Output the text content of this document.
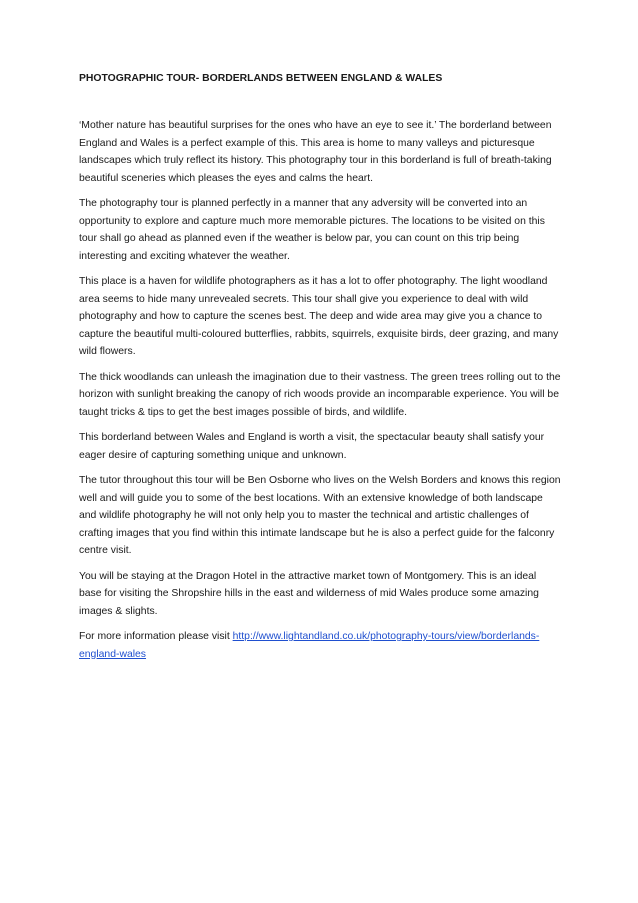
PHOTOGRAPHIC TOUR- BORDERLANDS BETWEEN ENGLAND & WALES

‘Mother nature has beautiful surprises for the ones who have an eye to see it.’ The borderland between England and Wales is a perfect example of this. This area is home to many valleys and picturesque landscapes which truly reflect its history. This photography tour in this borderland is full of breath-taking beautiful sceneries which pleases the eyes and calms the heart.

The photography tour is planned perfectly in a manner that any adversity will be converted into an opportunity to explore and capture much more memorable pictures. The locations to be visited on this tour shall go ahead as planned even if the weather is below par, you can count on this trip being interesting and exciting whatever the weather.

This place is a haven for wildlife photographers as it has a lot to offer photography. The light woodland area seems to hide many unrevealed secrets. This tour shall give you experience to deal with wild photography and how to capture the scenes best. The deep and wide area may give you a chance to capture the beautiful multi-coloured butterflies, rabbits, squirrels, exquisite birds, deer grazing, and many wild flowers.

The thick woodlands can unleash the imagination due to their vastness. The green trees rolling out to the horizon with sunlight breaking the canopy of rich woods provide an incomparable experience. You will be taught tricks & tips to get the best images possible of birds, and wildlife.

This borderland between Wales and England is worth a visit, the spectacular beauty shall satisfy your eager desire of capturing something unique and unknown.

The tutor throughout this tour will be Ben Osborne who lives on the Welsh Borders and knows this region well and will guide you to some of the best locations. With an extensive knowledge of both landscape and wildlife photography he will not only help you to master the technical and artistic challenges of crafting images that you find within this intimate landscape but he is also a perfect guide for the falconry centre visit.

You will be staying at the Dragon Hotel in the attractive market town of Montgomery. This is an ideal base for visiting the Shropshire hills in the east and wilderness of mid Wales produce some amazing images & slights.

For more information please visit http://www.lightandland.co.uk/photography-tours/view/borderlands-england-wales
